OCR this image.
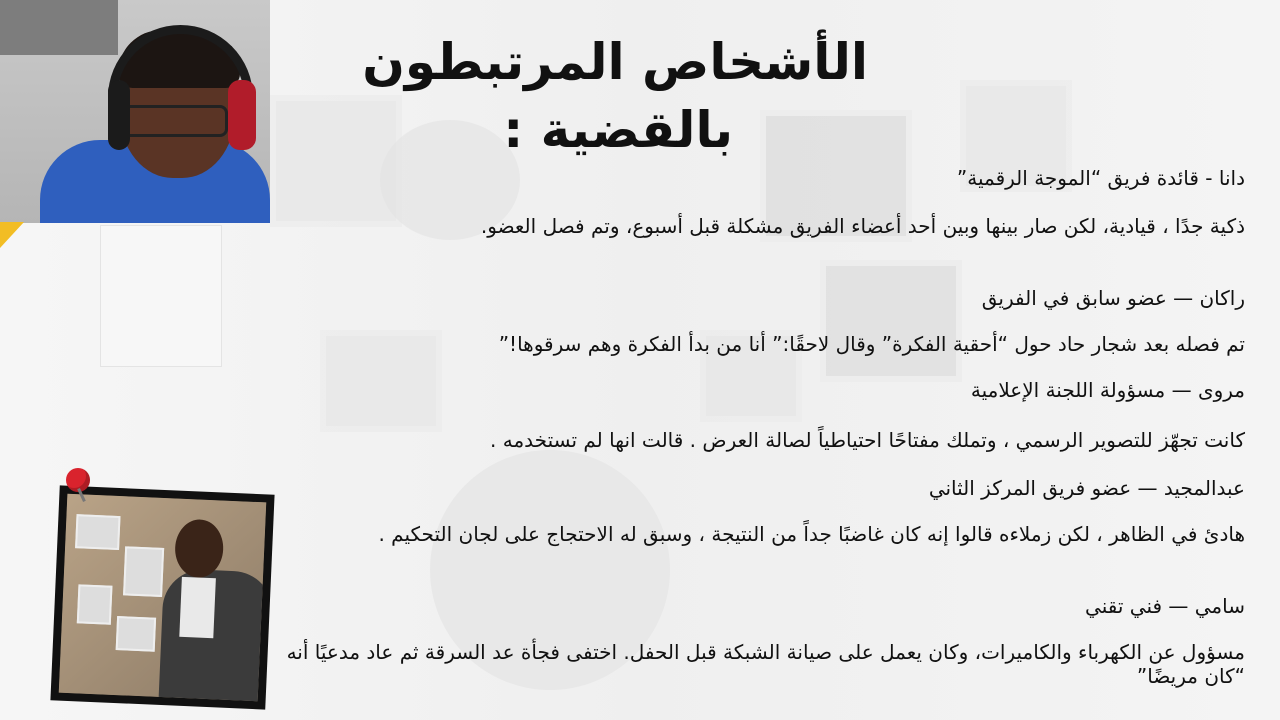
الأشخاص المرتبطون
بالقضية :

دانا - قائدة فريق “الموجة الرقمية”

ذكية جدًا ، قيادية، لكن صار بينها وبين أحد أعضاء الفريق مشكلة قبل أسبوع، وتم فصل العضو.

راكان — عضو سابق في الفريق

تم فصله بعد شجار حاد حول “أحقية الفكرة” وقال لاحقًا:” أنا من بدأ الفكرة وهم سرقوها!”

مروى — مسؤولة اللجنة الإعلامية

كانت تجهّز للتصوير الرسمي ، وتملك مفتاحًا احتياطياً لصالة العرض . قالت انها لم تستخدمه .

عبدالمجيد — عضو فريق المركز الثاني

هادئ في الظاهر ، لكن زملاءه قالوا إنه كان غاضبًا جداً من النتيجة ، وسبق له الاحتجاج على لجان التحكيم .

سامي — فني تقني

مسؤول عن الكهرباء والكاميرات، وكان يعمل على صيانة الشبكة قبل الحفل. اختفى فجأة عد السرقة ثم عاد مدعيًا أنه “كان مريضًا”
